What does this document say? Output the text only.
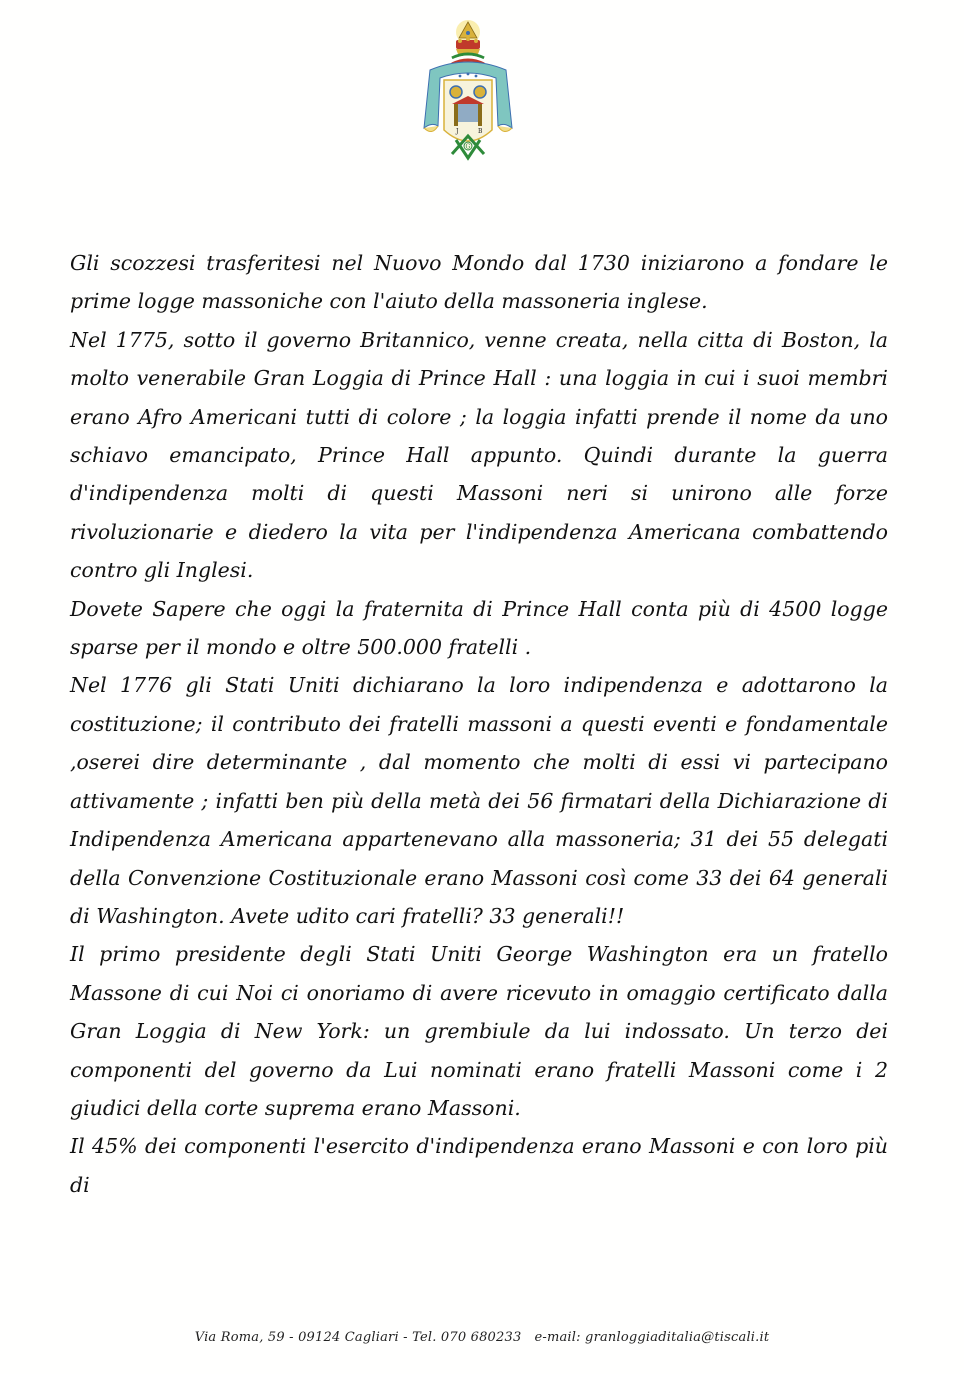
J	B
G

Gli scozzesi trasferitesi nel Nuovo Mondo dal 1730 iniziarono a fondare le prime logge massoniche con l'aiuto della massoneria inglese.

Nel 1775, sotto il governo Britannico, venne creata, nella citta di Boston, la molto venerabile Gran Loggia di Prince Hall : una loggia in cui i suoi membri erano Afro Americani tutti di colore ; la loggia infatti prende il nome da uno schiavo emancipato, Prince Hall appunto. Quindi durante la guerra d'indipendenza molti di questi Massoni neri si unirono alle forze rivoluzionarie e diedero la vita per l'indipendenza Americana combattendo contro gli Inglesi.

Dovete Sapere che oggi la fraternita di Prince Hall conta più di 4500 logge sparse per il mondo e oltre 500.000 fratelli .

Nel 1776 gli Stati Uniti dichiarano la loro indipendenza e adottarono la costituzione; il contributo dei fratelli massoni a questi eventi e fondamentale ,oserei dire determinante , dal momento che molti di essi vi partecipano attivamente ; infatti ben più della metà dei 56 firmatari della Dichiarazione di Indipendenza Americana appartenevano alla massoneria; 31 dei 55 delegati della Convenzione Costituzionale erano Massoni così come 33 dei 64 generali di Washington. Avete udito cari fratelli? 33 generali!!

Il primo presidente degli Stati Uniti George Washington era un fratello Massone di cui Noi ci onoriamo di avere ricevuto in omaggio certificato dalla Gran Loggia di New York: un grembiule da lui indossato. Un terzo dei componenti del governo da Lui nominati erano fratelli Massoni come i 2 giudici della corte suprema erano Massoni.

Il 45% dei componenti l'esercito d'indipendenza erano Massoni e con loro più di

Via Roma, 59 - 09124 Cagliari - Tel. 070 680233 e-mail: granloggiaditalia@tiscali.it
